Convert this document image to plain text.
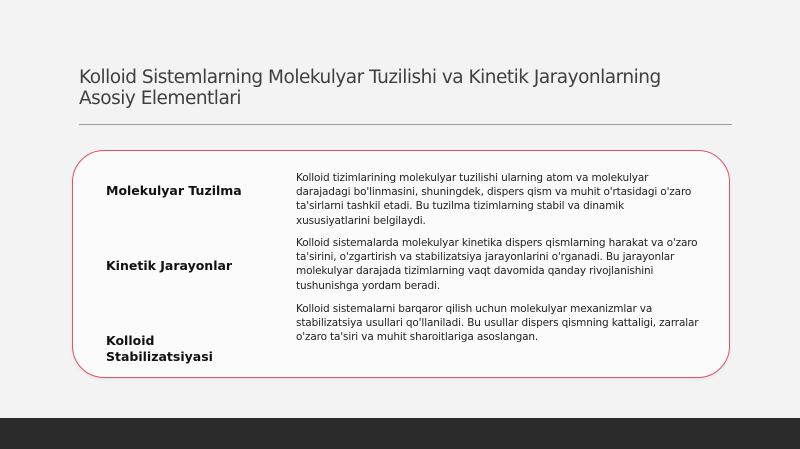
Kolloid Sistemlarning Molekulyar Tuzilishi va Kinetik Jarayonlarning Asosiy Elementlari
Molekulyar Tuzilma
Kolloid tizimlarining molekulyar tuzilishi ularning atom va molekulyar darajadagi bo'linmasini, shuningdek, dispers qism va muhit o'rtasidagi o'zaro ta'sirlarni tashkil etadi. Bu tuzilma tizimlarning stabil va dinamik xususiyatlarini belgilaydi.
Kinetik Jarayonlar
Kolloid sistemalarda molekulyar kinetika dispers qismlarning harakat va o'zaro ta'sirini, o'zgartirish va stabilizatsiya jarayonlarini o'rganadi. Bu jarayonlar molekulyar darajada tizimlarning vaqt davomida qanday rivojlanishini tushunishga yordam beradi.
Kolloid Stabilizatsiyasi
Kolloid sistemalarni barqaror qilish uchun molekulyar mexanizmlar va stabilizatsiya usullari qo'llaniladi. Bu usullar dispers qismning kattaligi, zarralar o'zaro ta'siri va muhit sharoitlariga asoslangan.
